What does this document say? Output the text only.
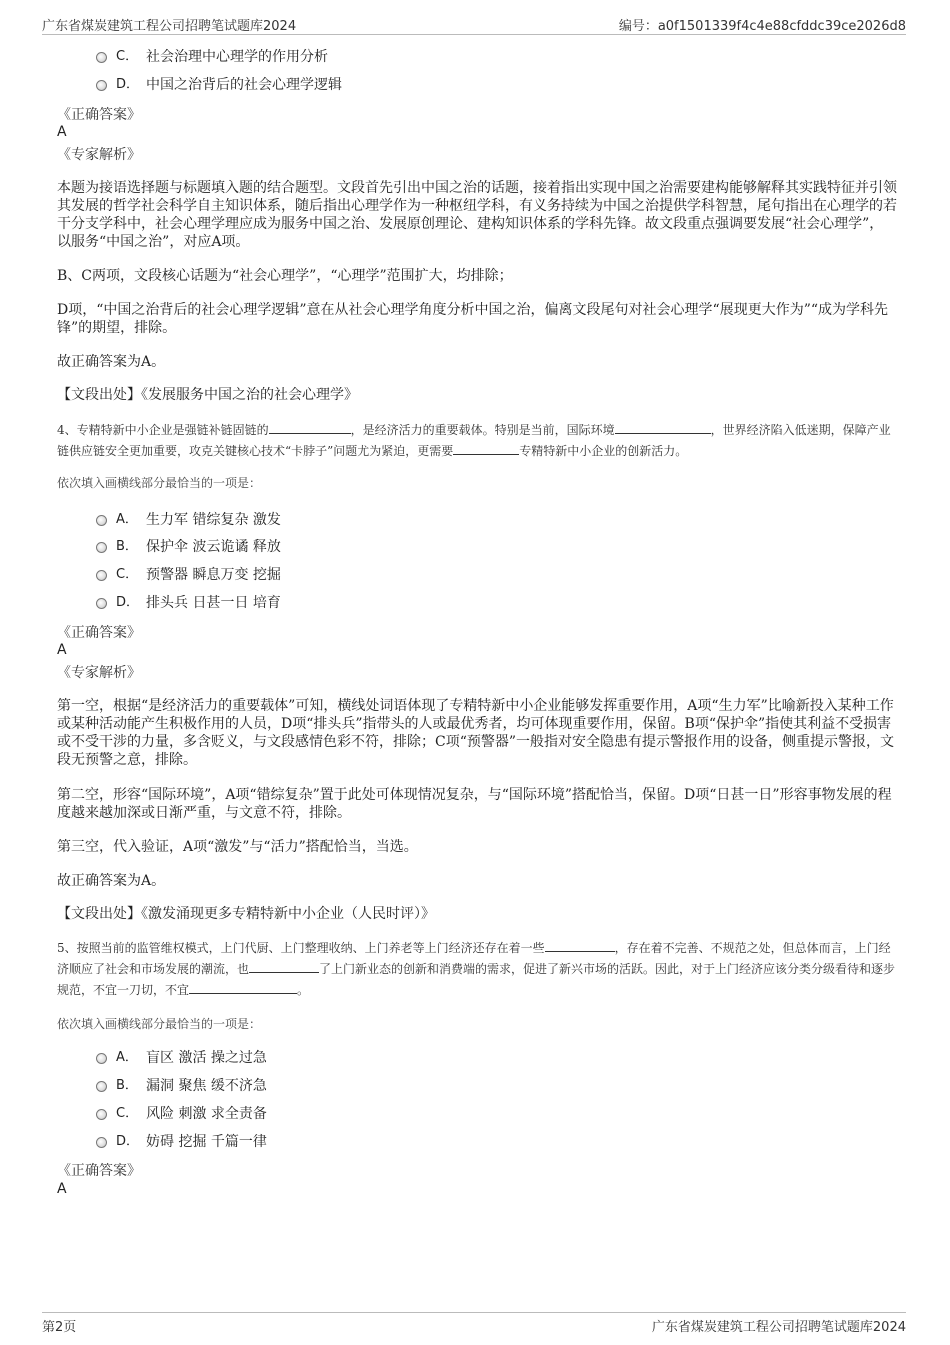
广东省煤炭建筑工程公司招聘笔试题库2024	编号：a0f1501339f4c4e88cfddc39ce2026d8
C． 社会治理中心理学的作用分析
D． 中国之治背后的社会心理学逻辑
《正确答案》
A
《专家解析》
本题为接语选择题与标题填入题的结合题型。文段首先引出中国之治的话题，接着指出实现中国之治需要建构能够解释其实践特征并引领其发展的哲学社会科学自主知识体系，随后指出心理学作为一种枢纽学科，有义务持续为中国之治提供学科智慧，尾句指出在心理学的若干分支学科中，社会心理学理应成为服务中国之治、发展原创理论、建构知识体系的学科先锋。故文段重点强调要发展“社会心理学”，以服务“中国之治”，对应A项。
B、C两项，文段核心话题为“社会心理学”，“心理学”范围扩大，均排除；
D项，“中国之治背后的社会心理学逻辑”意在从社会心理学角度分析中国之治，偏离文段尾句对社会心理学“展现更大作为”“成为学科先锋”的期望，排除。
故正确答案为A。
【文段出处】《发展服务中国之治的社会心理学》
4、专精特新中小企业是强链补链固链的	，是经济活力的重要载体。特别是当前，国际环境	，世界经济陷入低迷期，保障产业链供应链安全更加重要，攻克关键核心技术“卡脖子”问题尤为紧迫，更需要	专精特新中小企业的创新活力。
依次填入画横线部分最恰当的一项是：
A． 生力军 错综复杂 激发
B． 保护伞 波云诡谲 释放
C． 预警器 瞬息万变 挖掘
D． 排头兵 日甚一日 培育
《正确答案》
A
《专家解析》
第一空，根据“是经济活力的重要载体”可知，横线处词语体现了专精特新中小企业能够发挥重要作用，A项“生力军”比喻新投入某种工作或某种活动能产生积极作用的人员，D项“排头兵”指带头的人或最优秀者，均可体现重要作用，保留。B项“保护伞”指使其利益不受损害或不受干涉的力量，多含贬义，与文段感情色彩不符，排除；C项“预警器”一般指对安全隐患有提示警报作用的设备，侧重提示警报，文段无预警之意，排除。
第二空，形容“国际环境”，A项“错综复杂”置于此处可体现情况复杂，与“国际环境”搭配恰当，保留。D项“日甚一日”形容事物发展的程度越来越加深或日渐严重，与文意不符，排除。
第三空，代入验证，A项“激发”与“活力”搭配恰当，当选。
故正确答案为A。
【文段出处】《激发涌现更多专精特新中小企业（人民时评）》
5、按照当前的监管维权模式，上门代厨、上门整理收纳、上门养老等上门经济还存在着一些	，存在着不完善、不规范之处，但总体而言，上门经济顺应了社会和市场发展的潮流，也	了上门新业态的创新和消费端的需求，促进了新兴市场的活跃。因此，对于上门经济应该分类分级看待和逐步规范，不宜一刀切，不宜	。
依次填入画横线部分最恰当的一项是：
A． 盲区 激活 操之过急
B． 漏洞 聚焦 缓不济急
C． 风险 刺激 求全责备
D． 妨碍 挖掘 千篇一律
《正确答案》
A
第2页	广东省煤炭建筑工程公司招聘笔试题库2024
